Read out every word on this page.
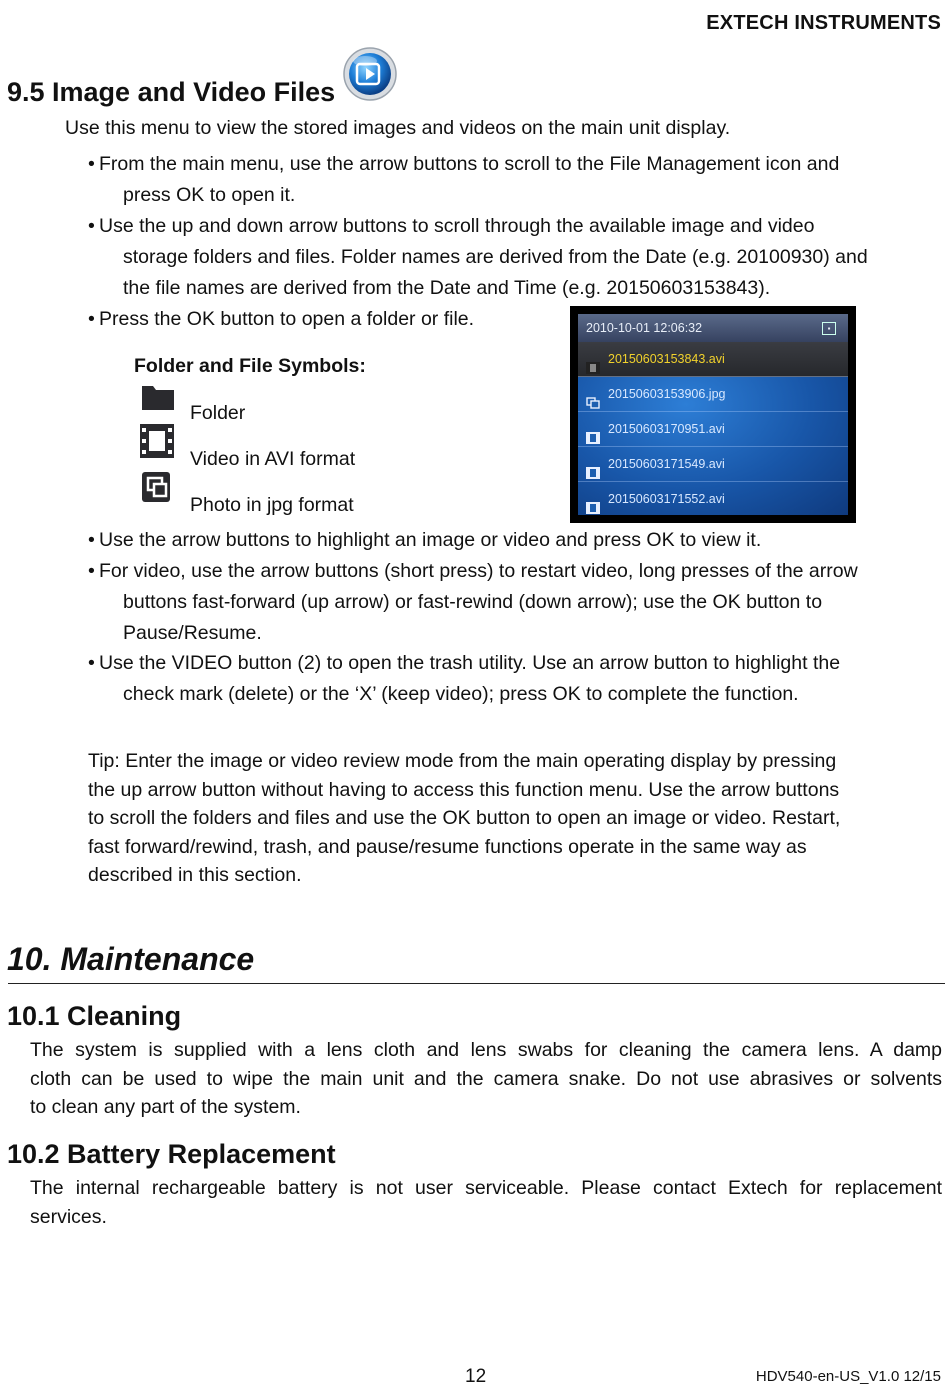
EXTECH INSTRUMENTS
9.5 Image and Video Files
Use this menu to view the stored images and videos on the main unit display.
• From the main menu, use the arrow buttons to scroll to the File Management icon and
press OK to open it.
• Use the up and down arrow buttons to scroll through the available image and video
storage folders and files. Folder names are derived from the Date (e.g. 20100930) and
the file names are derived from the Date and Time (e.g. 20150603153843).
• Press the OK button to open a folder or file.
Folder and File Symbols:
Folder
Video in AVI format
Photo in jpg format
2010-10-01 12:06:32	▪
20150603153843.avi
20150603153906.jpg
20150603170951.avi
20150603171549.avi
20150603171552.avi
• Use the arrow buttons to highlight an image or video and press OK to view it.
• For video, use the arrow buttons (short press) to restart video, long presses of the arrow
buttons fast-forward (up arrow) or fast-rewind (down arrow); use the OK button to
Pause/Resume.
• Use the VIDEO button (2) to open the trash utility. Use an arrow button to highlight the
check mark (delete) or the ‘X’ (keep video); press OK to complete the function.
Tip: Enter the image or video review mode from the main operating display by pressing
the up arrow button without having to access this function menu. Use the arrow buttons
to scroll the folders and files and use the OK button to open an image or video. Restart,
fast forward/rewind, trash, and pause/resume functions operate in the same way as
described in this section.
10. Maintenance
10.1 Cleaning
The system is supplied with a lens cloth and lens swabs for cleaning the camera lens. A damp
cloth can be used to wipe the main unit and the camera snake. Do not use abrasives or solvents
to clean any part of the system.
10.2 Battery Replacement
The internal rechargeable battery is not user serviceable. Please contact Extech for replacement
services.
12	HDV540-en-US_V1.0 12/15
